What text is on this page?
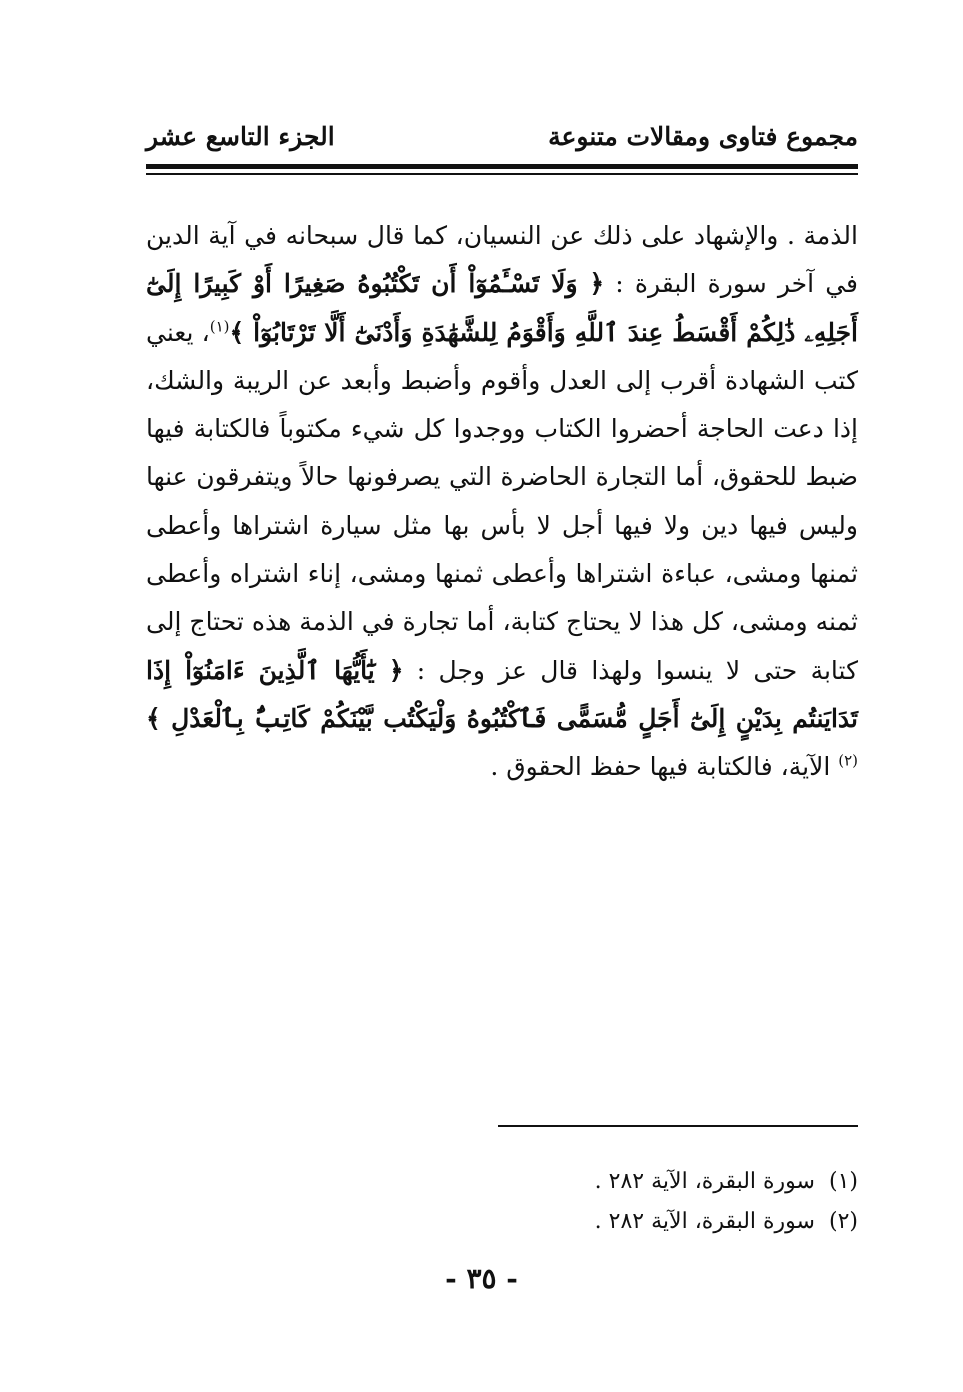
مجموع فتاوى ومقالات متنوعة
الجزء التاسع عشر
الذمة . والإشهاد على ذلك عن النسيان، كما قال سبحانه في آية الدين في آخر سورة البقرة : ﴿ وَلَا تَسْـَٔمُوٓاْ أَن تَكْتُبُوهُ صَغِيرًا أَوْ كَبِيرًا إِلَىٰٓ أَجَلِهِۦ ذَٰلِكُمْ أَقْسَطُ عِندَ ٱللَّهِ وَأَقْوَمُ لِلشَّهَٰدَةِ وَأَدْنَىٰٓ أَلَّا تَرْتَابُوٓاْ ﴾$^{(١)}$، يعني كتب الشهادة أقرب إلى العدل وأقوم وأضبط وأبعد عن الريبة والشك، إذا دعت الحاجة أحضروا الكتاب ووجدوا كل شيء مكتوباً فالكتابة فيها ضبط للحقوق، أما التجارة الحاضرة التي يصرفونها حالاً ويتفرقون عنها وليس فيها دين ولا فيها أجل لا بأس بها مثل سيارة اشتراها وأعطى ثمنها ومشى، عباءة اشتراها وأعطى ثمنها ومشى، إناء اشتراه وأعطى ثمنه ومشى، كل هذا لا يحتاج كتابة، أما تجارة في الذمة هذه تحتاج إلى كتابة حتى لا ينسوا ولهذا قال عز وجل : ﴿ يَٰٓأَيُّهَا ٱلَّذِينَ ءَامَنُوٓاْ إِذَا تَدَايَنتُم بِدَيْنٍ إِلَىٰٓ أَجَلٍ مُّسَمًّى فَٱكْتُبُوهُ وَلْيَكْتُب بَّيْنَكُمْ كَاتِبٌۢ بِٱلْعَدْلِ ﴾$^{(٢)}$ الآية، فالكتابة فيها حفظ الحقوق .
(١)سورة البقرة، الآية ٢٨٢ .
(٢)سورة البقرة، الآية ٢٨٢ .
- ٣٥ -
